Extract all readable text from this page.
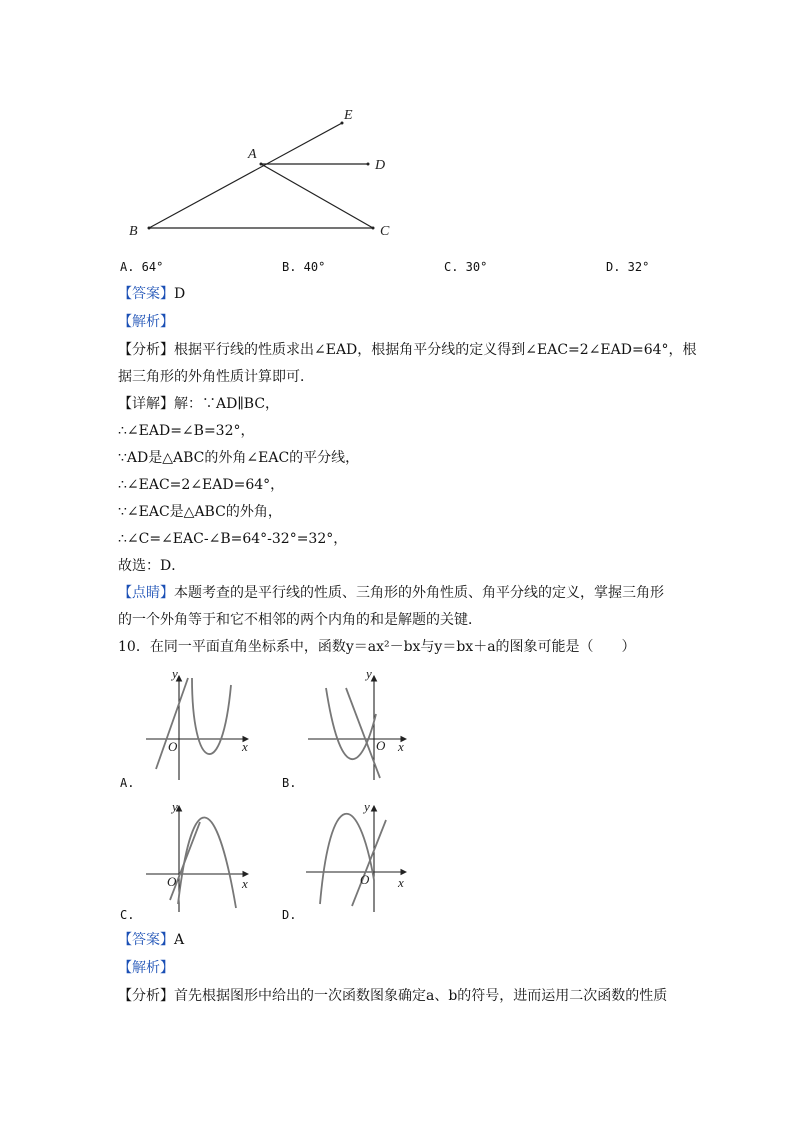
E
A
D
B	C
A. 64°	B. 40°	C. 30°	D. 32°
【答案】D
【解析】
【分析】根据平行线的性质求出∠EAD，根据角平分线的定义得到∠EAC=2∠EAD=64°，根
据三角形的外角性质计算即可．
【详解】解：∵AD∥BC，
∴∠EAD=∠B=32°，
∵AD是△ABC的外角∠EAC的平分线，
∴∠EAC=2∠EAD=64°，
∵∠EAC是△ABC的外角，
∴∠C=∠EAC-∠B=64°-32°=32°，
故选：D．
【点睛】本题考查的是平行线的性质、三角形的外角性质、角平分线的定义，掌握三角形
的一个外角等于和它不相邻的两个内角的和是解题的关键．
10．在同一平面直角坐标系中，函数y＝ax²－bx与y＝bx＋a的图象可能是（　　）
y
x
O
y
x
O
y
x
O
y
x
O
A.	B.
C.	D.
【答案】A
【解析】
【分析】首先根据图形中给出的一次函数图象确定a、b的符号，进而运用二次函数的性质
